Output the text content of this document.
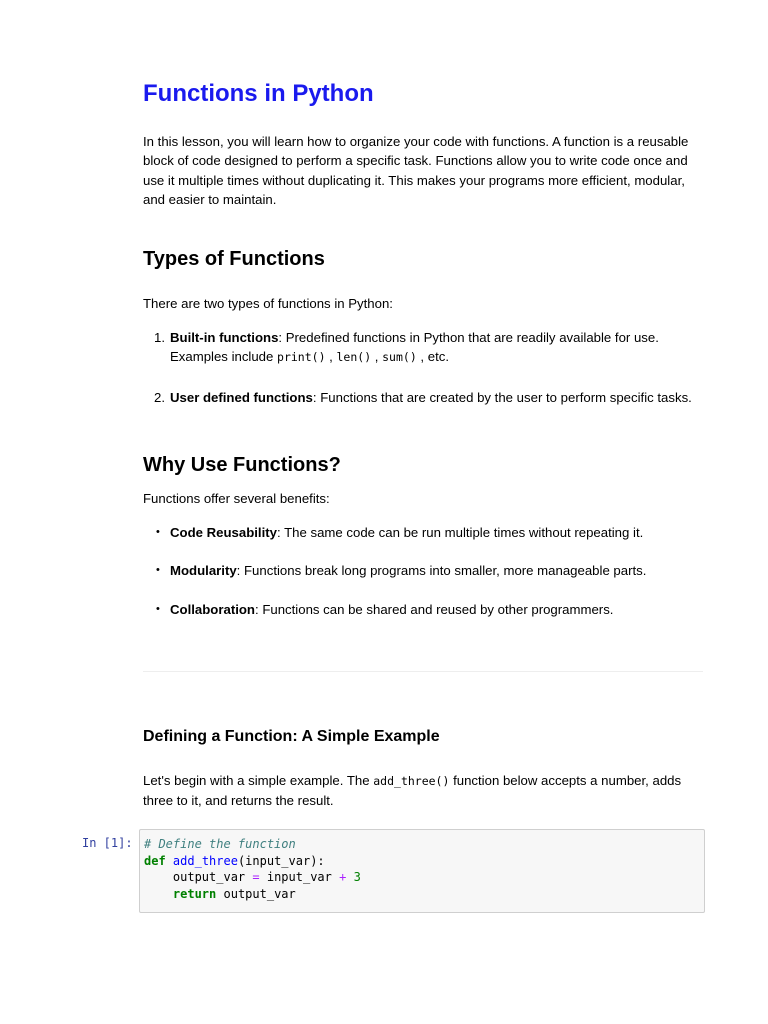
Functions in Python

In this lesson, you will learn how to organize your code with functions. A function is a reusable block of code designed to perform a specific task. Functions allow you to write code once and use it multiple times without duplicating it. This makes your programs more efficient, modular, and easier to maintain.

Types of Functions

There are two types of functions in Python:

1. Built-in functions: Predefined functions in Python that are readily available for use. Examples include print() , len() , sum() , etc.
2. User defined functions: Functions that are created by the user to perform specific tasks.
Why Use Functions?

Functions offer several benefits:

• Code Reusability: The same code can be run multiple times without repeating it.
• Modularity: Functions break long programs into smaller, more manageable parts.
• Collaboration: Functions can be shared and reused by other programmers.
Defining a Function: A Simple Example

Let's begin with a simple example. The add_three() function below accepts a number, adds three to it, and returns the result.

In [1]: # Define the function
def add_three(input_var):
output_var = input_var + 3
return output_var
